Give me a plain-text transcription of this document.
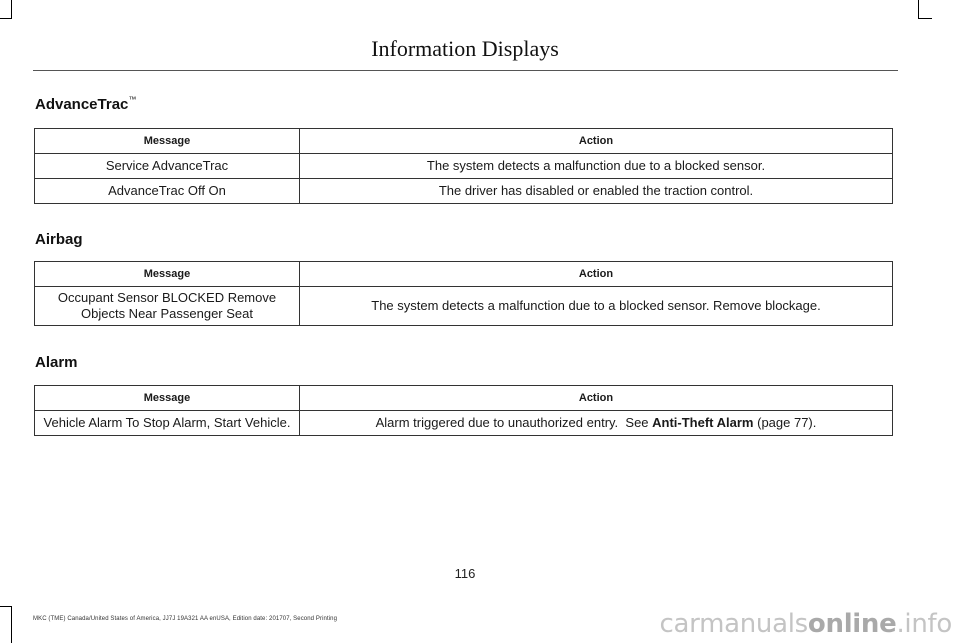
Information Displays
AdvanceTrac™
Message	Action
Service AdvanceTrac	The system detects a malfunction due to a blocked sensor.
AdvanceTrac Off On	The driver has disabled or enabled the traction control.
Airbag
Message	Action
Occupant Sensor BLOCKED Remove Objects Near Passenger Seat	The system detects a malfunction due to a blocked sensor. Remove blockage.
Alarm
Message	Action
Vehicle Alarm To Stop Alarm, Start Vehicle.	Alarm triggered due to unauthorized entry.  See Anti-Theft Alarm (page 77).
116
MKC (TME) Canada/United States of America, JJ7J 19A321 AA enUSA, Edition date: 201707, Second Printing	carmanualsonline.info
